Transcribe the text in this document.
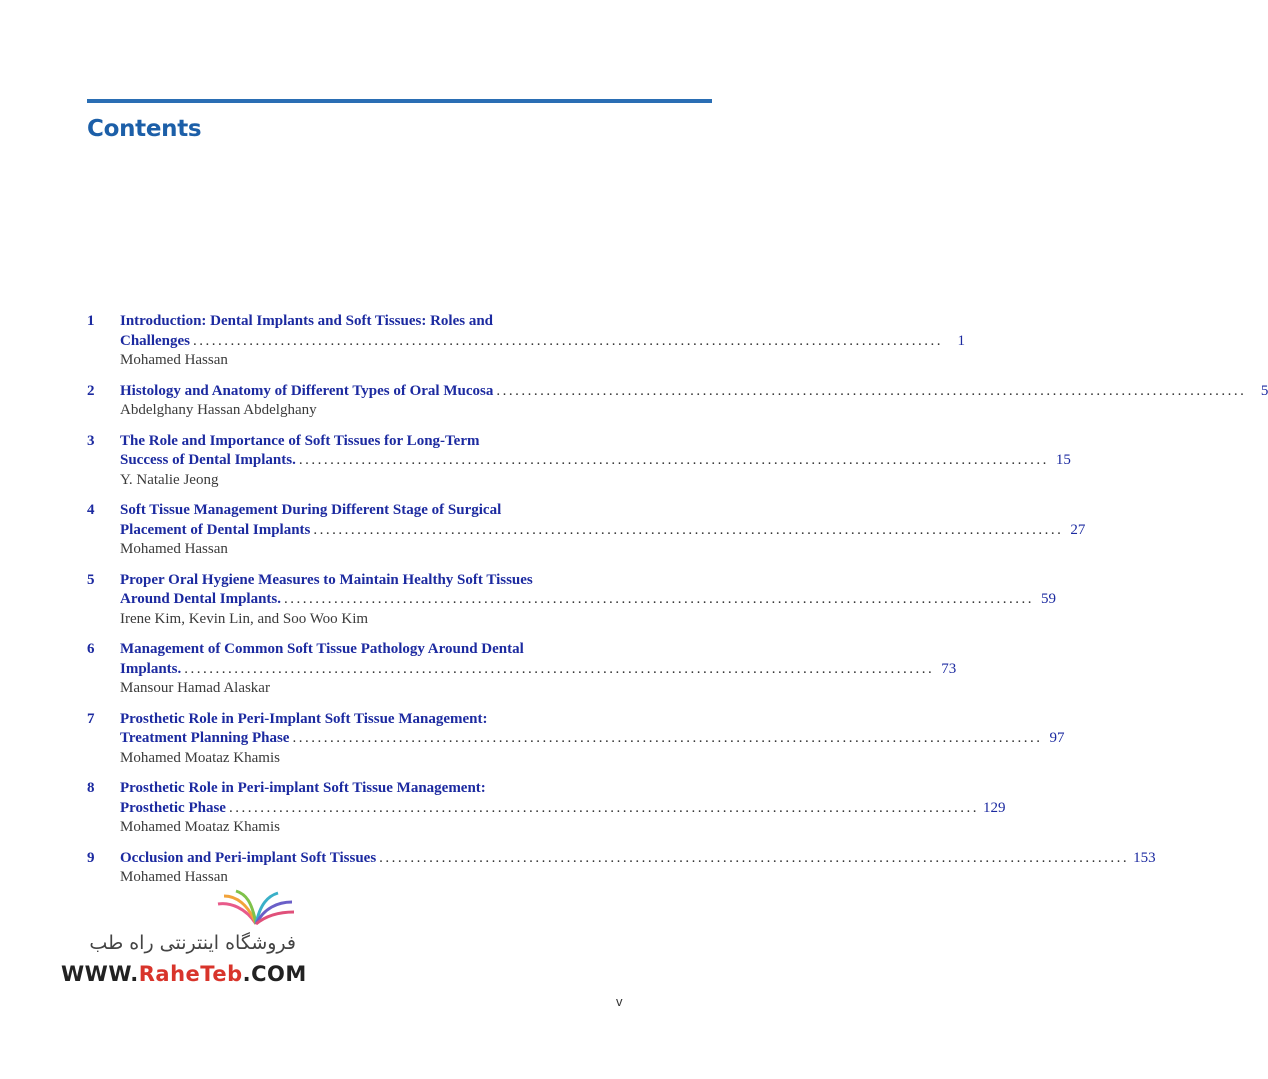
Contents
1	Introduction: Dental Implants and Soft Tissues: Roles and
Challenges ........................................................................................................................ 1
Mohamed Hassan
2	Histology and Anatomy of Different Types of Oral Mucosa ........................................................................................................................ 5
Abdelghany Hassan Abdelghany
3	The Role and Importance of Soft Tissues for Long-Term
Success of Dental Implants. ........................................................................................................................ 15
Y. Natalie Jeong
4	Soft Tissue Management During Different Stage of Surgical
Placement of Dental Implants ........................................................................................................................ 27
Mohamed Hassan
5	Proper Oral Hygiene Measures to Maintain Healthy Soft Tissues
Around Dental Implants. ........................................................................................................................ 59
Irene Kim, Kevin Lin, and Soo Woo Kim
6	Management of Common Soft Tissue Pathology Around Dental
Implants. ........................................................................................................................ 73
Mansour Hamad Alaskar
7	Prosthetic Role in Peri-Implant Soft Tissue Management:
Treatment Planning Phase ........................................................................................................................ 97
Mohamed Moataz Khamis
8	Prosthetic Role in Peri-implant Soft Tissue Management:
Prosthetic Phase ........................................................................................................................ 129
Mohamed Moataz Khamis
9	Occlusion and Peri-implant Soft Tissues ........................................................................................................................ 153
Mohamed Hassan
فروشگاه اینترنتی راه طب
WWW.RaheTeb.COM
v
